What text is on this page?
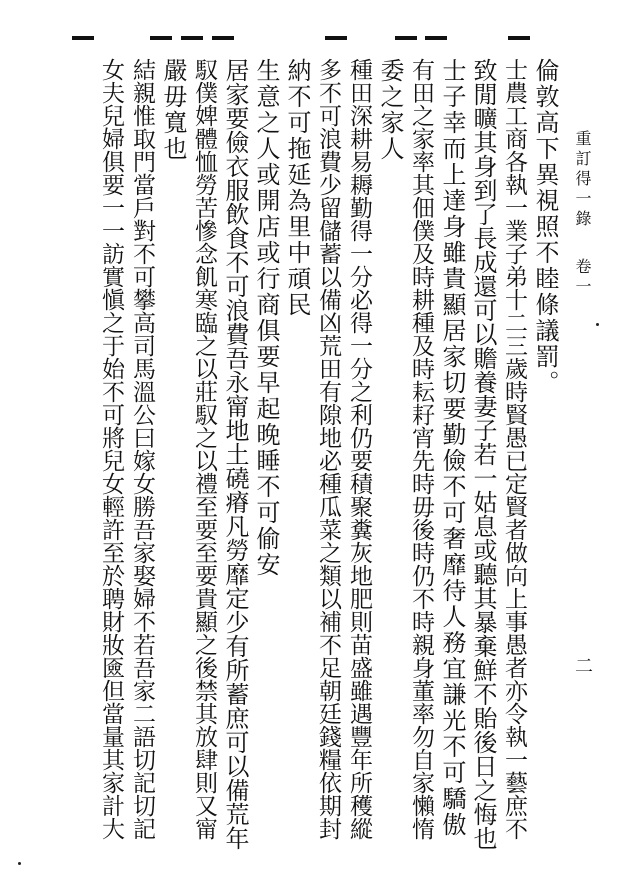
重訂得一錄
卷一
二
倫敦高下異視照不睦條議罰。
士農工商各執一業子弟十二三歲時賢愚已定賢者做向上事愚者亦令執一藝庶不
致閒曠其身到了長成還可以贍養妻子若一姑息或聽其暴棄鮮不貽後日之悔也
士子幸而上達身雖貴顯居家切要勤儉不可奢靡待人務宜謙光不可驕傲
有田之家率其佃僕及時耕種及時耘耔宵先時毋後時仍不時親身董率勿自家懶惰
委之家人
種田深耕易耨勤得一分必得一分之利仍要積聚糞灰地肥則苗盛雖遇豐年所穫縱
多不可浪費少留儲蓄以備凶荒田有隙地必種瓜菜之類以補不足朝廷錢糧依期封
納不可拖延為里中頑民
生意之人或開店或行商俱要早起晚睡不可偷安
居家要儉衣服飲食不可浪費吾永甯地土磽瘠凡勞靡定少有所蓄庶可以備荒年
馭僕婢體恤勞苦慘念飢寒臨之以莊馭之以禮至要至要貴顯之後禁其放肆則又甯
嚴毋寬也
結親惟取門當戶對不可攀高司馬溫公曰嫁女勝吾家娶婦不若吾家二語切記切記
女夫兒婦俱要一一訪實愼之于始不可將兒女輕許至於聘財妝匳但當量其家計大
